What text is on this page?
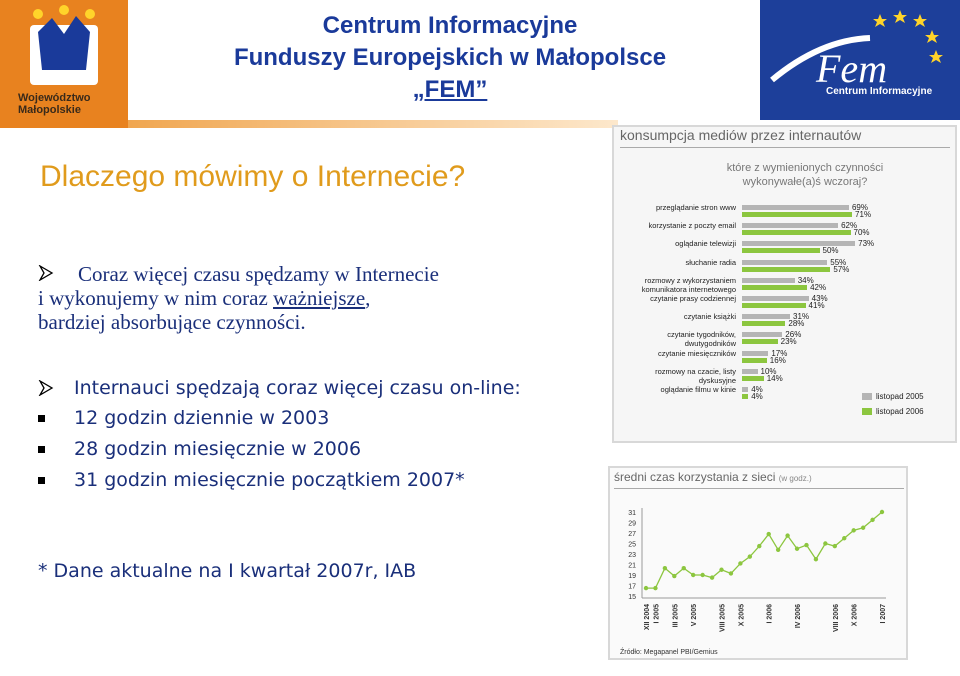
Województwo
Małopolskie
Centrum Informacyjne
Funduszy Europejskich w Małopolsce
„FEM”	Fem
Centrum Informacyjne
Dlaczego mówimy o Internecie?
Coraz więcej czasu spędzamy w Internecie
i wykonujemy w nim coraz ważniejsze,
bardziej absorbujące czynności.
Internauci spędzają coraz więcej czasu on-line:
12 godzin dziennie w 2003
28 godzin miesięcznie w 2006
31 godzin miesięcznie początkiem 2007*
* Dane aktualne na I kwartał 2007r, IAB
konsumpcja mediów przez internautów
które z wymienionych czynności wykonywałe(a)ś wczoraj?
przeglądanie stron www	69%
71%
korzystanie z poczty email	62%
70%
oglądanie telewizji	73%
50%
słuchanie radia	55%
57%
rozmowy z wykorzystaniem komunikatora internetowego
34%
42%
czytanie prasy codziennej	43%
41%
czytanie książki	31%
28%
czytanie tygodników, dwutygodników
26%
23%
czytanie miesięczników	17%
16%
rozmowy na czacie, listy dyskusyjne
10%
14%
oglądanie filmu w kinie 4%
4%	listopad 2005
listopad 2006
średni czas korzystania z sieci (w godz.)
15
17
19
21
23
25
27
29
31
XII 2004 I 2005 III 2005 V 2005	VIII 2005 X 2005	I 2006	IV 2006	VIII 2006 X 2006	I 2007
Źródło: Megapanel PBI/Gemius
